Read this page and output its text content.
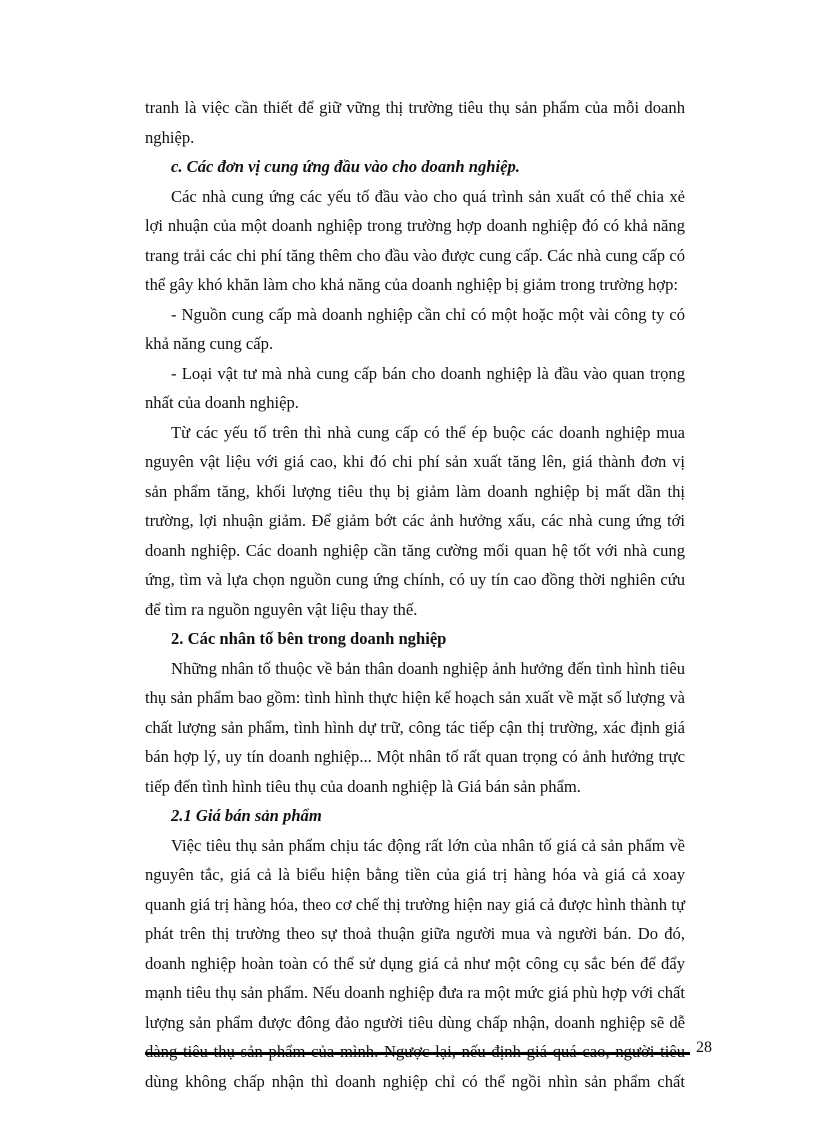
tranh là việc cần thiết để giữ vững thị trường tiêu thụ sản phẩm của mỗi doanh
nghiệp.
c. Các đơn vị cung ứng đầu vào cho doanh nghiệp.
Các nhà cung ứng các yếu tố đầu vào cho quá trình sản xuất có thể chia xẻ
lợi nhuận của một doanh nghiệp trong trường hợp doanh nghiệp đó có khả năng
trang trải các chi phí tăng thêm cho đầu vào được cung cấp. Các nhà cung cấp có
thể gây khó khăn làm cho khả năng của doanh nghiệp bị giảm trong trường hợp:
- Nguồn cung cấp mà doanh nghiệp cần chỉ có một hoặc một vài công ty có
khả năng cung cấp.
- Loại vật tư mà nhà cung cấp bán cho doanh nghiệp là đầu vào quan trọng
nhất của doanh nghiệp.
Từ các yếu tố trên thì nhà cung cấp có thể ép buộc các doanh nghiệp mua
nguyên vật liệu với giá cao, khi đó chi phí sản xuất tăng lên, giá thành đơn vị
sản phẩm tăng, khối lượng tiêu thụ bị giảm làm doanh nghiệp bị mất dần thị
trường, lợi nhuận giảm. Để giảm bớt các ảnh hưởng xấu, các nhà cung ứng tới
doanh nghiệp. Các doanh nghiệp cần tăng cường mối quan hệ tốt với nhà cung
ứng, tìm và lựa chọn nguồn cung ứng chính, có uy tín cao đồng thời nghiên cứu
để tìm ra nguồn nguyên vật liệu thay thế.
2. Các nhân tố bên trong doanh nghiệp
Những nhân tố thuộc về bản thân doanh nghiệp ảnh hưởng đến tình hình tiêu
thụ sản phẩm bao gồm: tình hình thực hiện kế hoạch sản xuất về mặt số lượng và
chất lượng sản phẩm, tình hình dự trữ, công tác tiếp cận thị trường, xác định giá
bán hợp lý, uy tín doanh nghiệp... Một nhân tố rất quan trọng có ảnh hưởng trực
tiếp đến tình hình tiêu thụ của doanh nghiệp là Giá bán sản phẩm.
2.1 Giá bán sản phẩm
Việc tiêu thụ sản phẩm chịu tác động rất lớn của nhân tố giá cả sản phẩm về
nguyên tắc, giá cả là biểu hiện bằng tiền của giá trị hàng hóa và giá cả xoay
quanh giá trị hàng hóa, theo cơ chế thị trường hiện nay giá cả được hình thành tự
phát trên thị trường theo sự thoả thuận giữa người mua và người bán. Do đó,
doanh nghiệp hoàn toàn có thể sử dụng giá cả như một công cụ sắc bén để đẩy
mạnh tiêu thụ sản phẩm. Nếu doanh nghiệp đưa ra một mức giá phù hợp với chất
lượng sản phẩm được đông đảo người tiêu dùng chấp nhận, doanh nghiệp sẽ dễ
dùng không chấp nhận thì doanh nghiệp chỉ có thể ngồi nhìn sản phẩm chất
28
